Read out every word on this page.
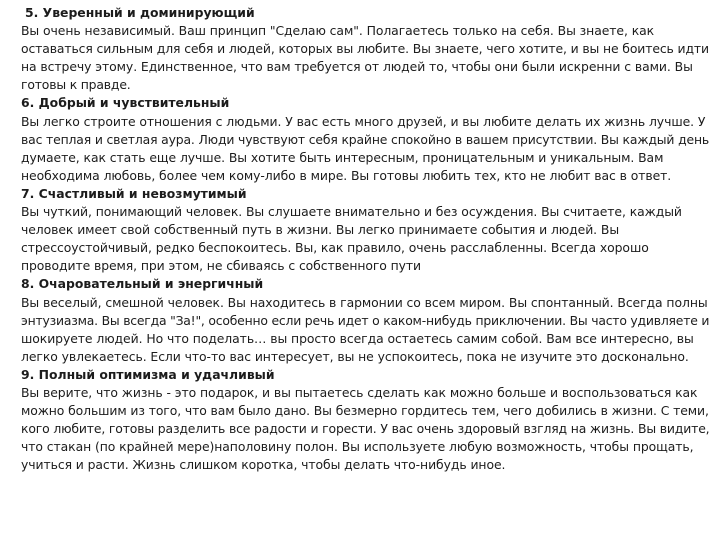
5. Уверенный и доминирующий
Вы очень независимый. Ваш принцип "Сделаю сам". Полагаетесь только на себя. Вы знаете, как
оставаться сильным для себя и людей, которых вы любите. Вы знаете, чего хотите, и вы не боитесь идти
на встречу этому. Единственное, что вам требуется от людей то, чтобы они были искренни с вами. Вы
готовы к правде.
6. Добрый и чувствительный
Вы легко строите отношения с людьми. У вас есть много друзей, и вы любите делать их жизнь лучше. У
вас теплая и светлая аура. Люди чувствуют себя крайне спокойно в вашем присутствии. Вы каждый день
думаете, как стать еще лучше. Вы хотите быть интересным, проницательным и уникальным. Вам
необходима любовь, более чем кому-либо в мире. Вы готовы любить тех, кто не любит вас в ответ.
7. Счастливый и невозмутимый
Вы чуткий, понимающий человек. Вы слушаете внимательно и без осуждения. Вы считаете, каждый
человек имеет свой собственный путь в жизни. Вы легко принимаете события и людей. Вы
стрессоустойчивый, редко беспокоитесь. Вы, как правило, очень расслабленны. Всегда хорошо
проводите время, при этом, не сбиваясь с собственного пути
8. Очаровательный и энергичный
Вы веселый, смешной человек. Вы находитесь в гармонии со всем миром. Вы спонтанный. Всегда полны
энтузиазма. Вы всегда "За!", особенно если речь идет о каком-нибудь приключении. Вы часто удивляете и
шокируете людей. Но что поделать… вы просто всегда остаетесь самим собой. Вам все интересно, вы
легко увлекаетесь. Если что-то вас интересует, вы не успокоитесь, пока не изучите это досконально.
9. Полный оптимизма и удачливый
Вы верите, что жизнь - это подарок, и вы пытаетесь сделать как можно больше и воспользоваться как
можно большим из того, что вам было дано. Вы безмерно гордитесь тем, чего добились в жизни. С теми,
кого любите, готовы разделить все радости и горести. У вас очень здоровый взгляд на жизнь. Вы видите,
что стакан (по крайней мере)наполовину полон. Вы используете любую возможность, чтобы прощать,
учиться и расти. Жизнь слишком коротка, чтобы делать что-нибудь иное.
